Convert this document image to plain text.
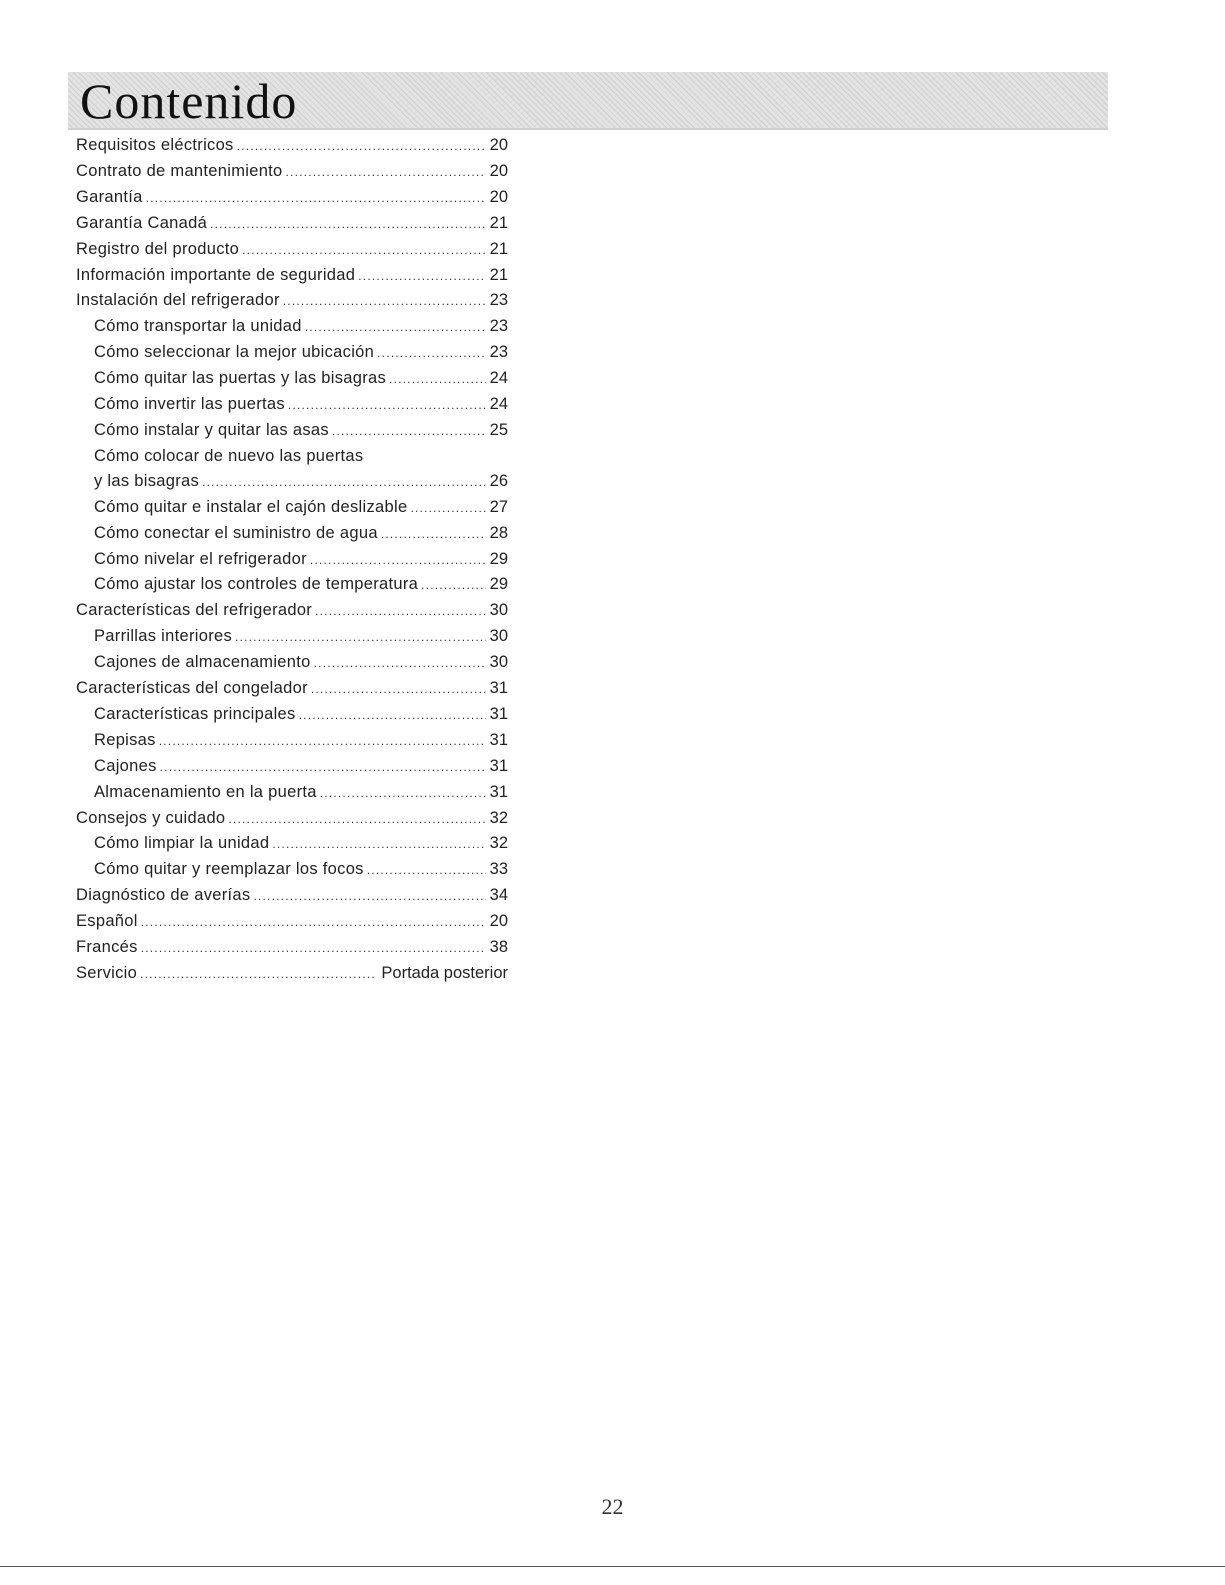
Contenido
Requisitos eléctricos .....	20
Contrato de mantenimiento .....	20
Garantía .....	20
Garantía Canadá .....	21
Registro del producto .....	21
Información importante de seguridad .....	21
Instalación del refrigerador .....	23
Cómo transportar la unidad .....	23
Cómo seleccionar la mejor ubicación .....	23
Cómo quitar las puertas y las bisagras .....	24
Cómo invertir las puertas .....	24
Cómo instalar y quitar las asas .....	25
Cómo colocar de nuevo las puertas
y las bisagras .....	26
Cómo quitar e instalar el cajón deslizable .....	27
Cómo conectar el suministro de agua .....	28
Cómo nivelar el refrigerador .....	29
Cómo ajustar los controles de temperatura .....	29
Características del refrigerador .....	30
Parrillas interiores .....	30
Cajones de almacenamiento .....	30
Características del congelador .....	31
Características principales .....	31
Repisas .....	31
Cajones .....	31
Almacenamiento en la puerta .....	31
Consejos y cuidado .....	32
Cómo limpiar la unidad .....	32
Cómo quitar y reemplazar los focos .....	33
Diagnóstico de averías .....	34
Español .....	20
Francés .....	38
Servicio .....	Portada posterior
22
